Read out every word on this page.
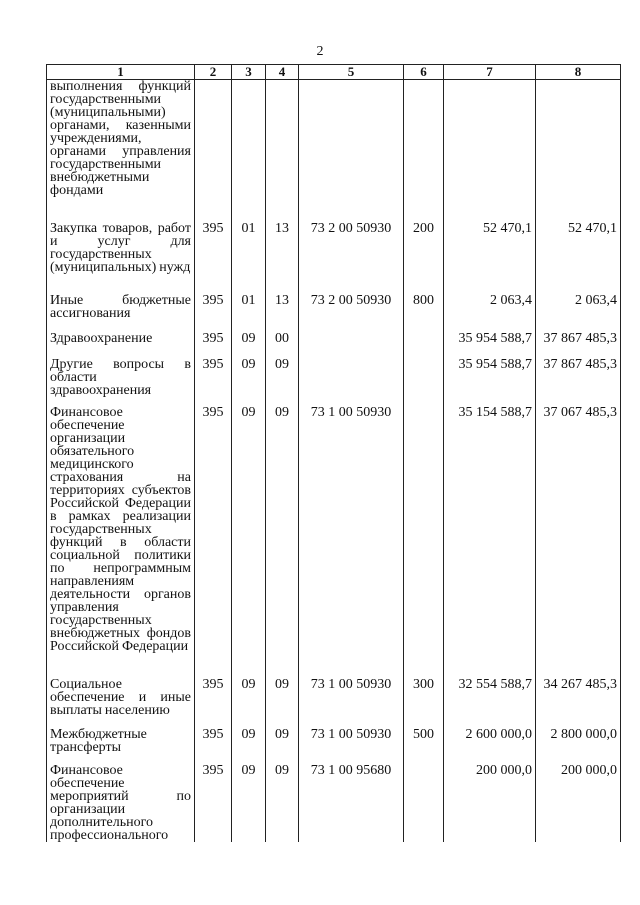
2
1	2	3	4	5	6	7	8
выполнения функций государственными (муниципальными) органами, казенными учреждениями, органами управления государственными внебюджетными фондами							
Закупка товаров, работ и услуг для государственных (муниципальных) нужд	395	01	13	73 2 00 50930	200	52 470,1	52 470,1
Иные бюджетные ассигнования	395	01	13	73 2 00 50930	800	2 063,4	2 063,4
Здравоохранение	395	09	00			35 954 588,7	37 867 485,3
Другие вопросы в области здравоохранения	395	09	09			35 954 588,7	37 867 485,3
Финансовое обеспечение организации обязательного медицинского страхования на территориях субъектов Российской Федерации в рамках реализации государственных функций в области социальной политики по непрограммным направлениям деятельности органов управления государственных внебюджетных фондов Российской Федерации	395	09	09	73 1 00 50930		35 154 588,7	37 067 485,3
Социальное обеспечение и иные выплаты населению	395	09	09	73 1 00 50930	300	32 554 588,7	34 267 485,3
Межбюджетные трансферты	395	09	09	73 1 00 50930	500	2 600 000,0	2 800 000,0
Финансовое обеспечение мероприятий по организации дополнительного профессионального	395	09	09	73 1 00 95680		200 000,0	200 000,0
